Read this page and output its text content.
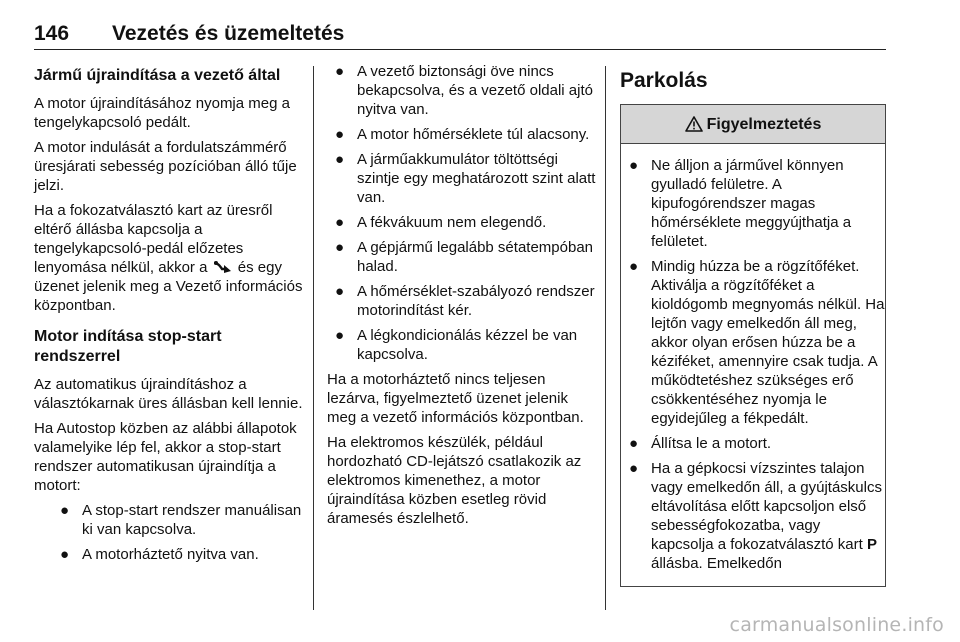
146 Vezetés és üzemeltetés
Jármű újraindítása a vezető által

A motor újraindításához nyomja meg a tengelykapcsoló pedált.

A motor indulását a fordulatszámmérő üresjárati sebesség pozícióban álló tűje jelzi.

Ha a fokozatválasztó kart az üresről eltérő állásba kapcsolja a tengelykapcsoló-pedál előzetes lenyomása nélkül, akkor a és egy üzenet jelenik meg a Vezető információs központban.

Motor indítása stop-start rendszerrel

Az automatikus újraindításhoz a választókarnak üres állásban kell lennie.

Ha Autostop közben az alábbi állapotok valamelyike lép fel, akkor a stop-start rendszer automatikusan újraindítja a motort:

● A stop-start rendszer manuálisan ki van kapcsolva.
● A motorháztető nyitva van.
● A vezető biztonsági öve nincs bekapcsolva, és a vezető oldali ajtó nyitva van.
● A motor hőmérséklete túl alacsony.
● A járműakkumulátor töltöttségi szintje egy meghatározott szint alatt van.
● A fékvákuum nem elegendő.
● A gépjármű legalább sétatempóban halad.
● A hőmérséklet-szabályozó rendszer motorindítást kér.
● A légkondicionálás kézzel be van kapcsolva.

Ha a motorháztető nincs teljesen lezárva, figyelmeztető üzenet jelenik meg a vezető információs központban.

Ha elektromos készülék, például hordozható CD-lejátszó csatlakozik az elektromos kimenethez, a motor újraindítása közben esetleg rövid áramesés észlelhető.

Parkolás
Figyelmeztetés
● Ne álljon a járművel könnyen gyulladó felületre. A kipufogórendszer magas hőmérséklete meggyújthatja a felületet.
● Mindig húzza be a rögzítőféket. Aktiválja a rögzítőféket a kioldógomb megnyomás nélkül. Ha lejtőn vagy emelkedőn áll meg, akkor olyan erősen húzza be a kéziféket, amennyire csak tudja. A működtetéshez szükséges erő csökkentéséhez nyomja le egyidejűleg a fékpedált.
● Állítsa le a motort.
● Ha a gépkocsi vízszintes talajon vagy emelkedőn áll, a gyújtáskulcs eltávolítása előtt kapcsoljon első sebességfokozatba, vagy kapcsolja a fokozatválasztó kart P állásba. Emelkedőn
carmanualsonline.info
